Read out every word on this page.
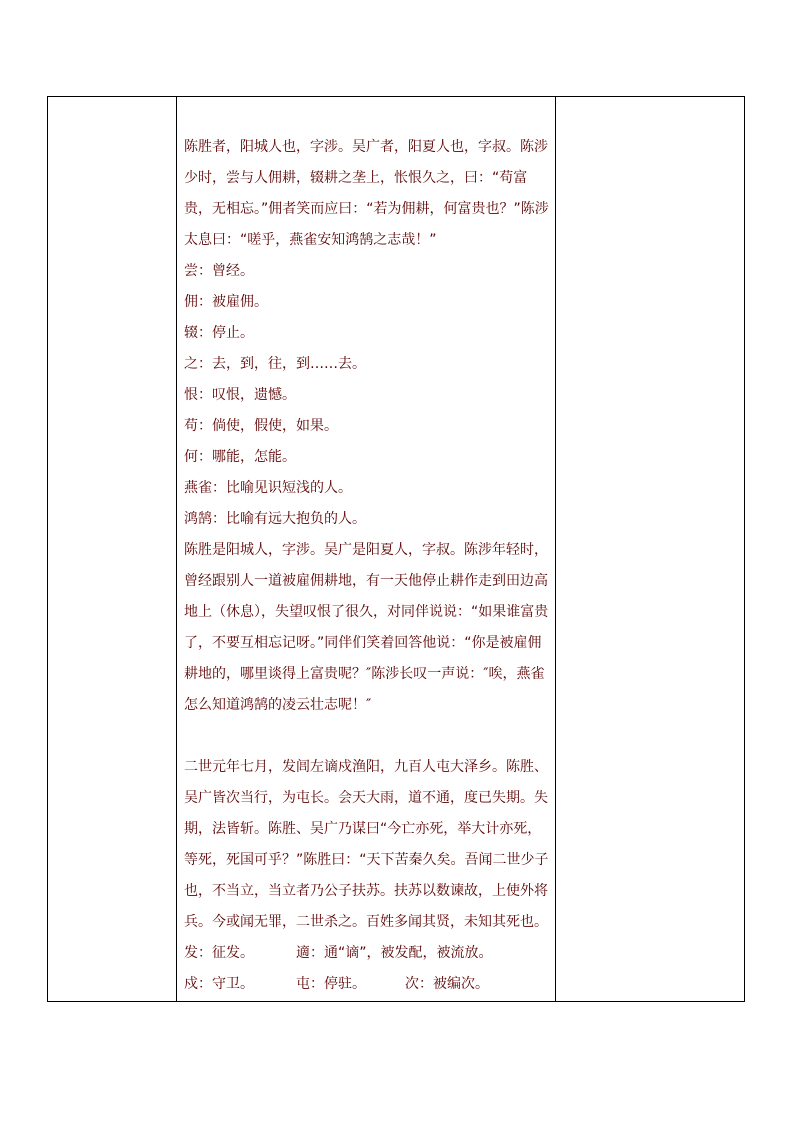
陈胜者，阳城人也，字涉。吴广者，阳夏人也，字叔。陈涉少时，尝与人佣耕，辍耕之垄上，怅恨久之，曰：“苟富贵，无相忘。”佣者笑而应曰：“若为佣耕，何富贵也？”陈涉太息曰：“嗟乎，燕雀安知鸿鹄之志哉！”

尝：曾经。

佣：被雇佣。

辍：停止。

之：去，到，往，到……去。

恨：叹恨，遗憾。

苟：倘使，假使，如果。

何：哪能，怎能。

燕雀：比喻见识短浅的人。

鸿鹄：比喻有远大抱负的人。

陈胜是阳城人，字涉。吴广是阳夏人，字叔。陈涉年轻时，曾经跟别人一道被雇佣耕地，有一天他停止耕作走到田边高地上（休息），失望叹恨了很久，对同伴说说：“如果谁富贵了，不要互相忘记呀。”同伴们笑着回答他说：“你是被雇佣耕地的，哪里谈得上富贵呢？″陈涉长叹一声说：″唉，燕雀怎么知道鸿鹄的凌云壮志呢！″

二世元年七月，发闾左谪戍渔阳，九百人屯大泽乡。陈胜、吴广皆次当行，为屯长。会天大雨，道不通，度已失期。失期，法皆斩。陈胜、吴广乃谋曰“今亡亦死，举大计亦死，等死，死国可乎？”陈胜曰：“天下苦秦久矣。吾闻二世少子也，不当立，当立者乃公子扶苏。扶苏以数谏故，上使外将兵。今或闻无罪，二世杀之。百姓多闻其贤，未知其死也。

发：征发。	適：通“谪”，被发配，被流放。

戍：守卫。	屯：停驻。	次：被编次。
